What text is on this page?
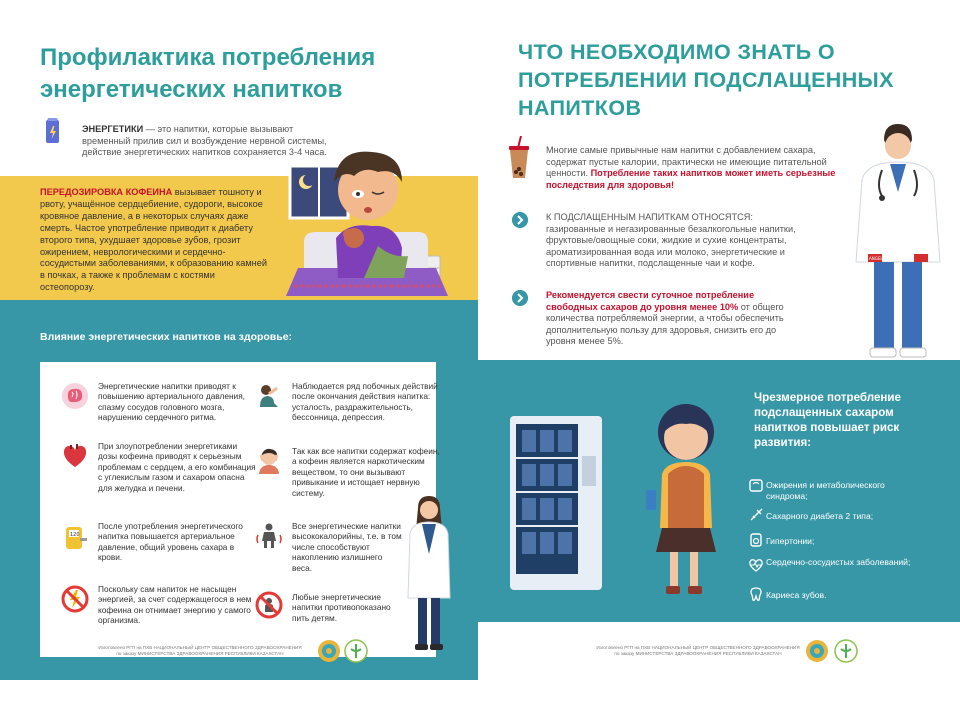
Профилактика потребления энергетических напитков
ЭНЕРГЕТИКИ — это напитки, которые вызывают временный прилив сил и возбуждение нервной системы, действие энергетических напитков сохраняется 3-4 часа.
ПЕРЕДОЗИРОВКА КОФЕИНА вызывает тошноту и рвоту, учащённое сердцебиение, судороги, высокое кровяное давление, а в некоторых случаях даже смерть. Частое употребление приводит к диабету второго типа, ухудшает здоровье зубов, грозит ожирением, неврологическими и сердечно-сосудистыми заболеваниями, к образованию камней в почках, а также к проблемам с костями остеопорозу.
Влияние энергетических напитков на здоровье:
120
Энергетические напитки приводят к повышению артериального давления, спазму сосудов головного мозга, нарушению сердечного ритма.
При злоупотреблении энергетиками дозы кофеина приводят к серьезным проблемам с сердцем, а его комбинация с углекислым газом и сахаром опасна для желудка и печени.
После употребления энергетического напитка повышается артериальное давление, общий уровень сахара в крови.
Поскольку сам напиток не насыщен энергией, за счет содержащегося в нем кофеина он отнимает энергию у самого организма.
Наблюдается ряд побочных действий после окончания действия напитка: усталость, раздражительность, бессонница, депрессия.
Так как все напитки содержат кофеин, а кофеин является наркотическим веществом, то они вызывают привыкание и истощает нервную систему.
Все энергетические напитки высококалорийны, т.е. в том числе способствуют накоплению излишнего веса.
Любые энергетические напитки противопоказано пить детям.
Изготовлено РГП на ПХВ НАЦИОНАЛЬНЫЙ ЦЕНТР ОБЩЕСТВЕННОГО ЗДРАВООХРАНЕНИЯ
по заказу МИНИСТЕРСТВА ЗДРАВООХРАНЕНИЯ РЕСПУБЛИКИ КАЗАХСТАН
ЧТО НЕОБХОДИМО ЗНАТЬ О ПОТРЕБЛЕНИИ ПОДСЛАЩЕННЫХ НАПИТКОВ
Многие самые привычные нам напитки с добавлением сахара, содержат пустые калории, практически не имеющие питательной ценности. Потребление таких напитков может иметь серьезные последствия для здоровья!
К ПОДСЛАЩЕННЫМ НАПИТКАМ ОТНОСЯТСЯ:
газированные и негазированные безалкогольные напитки, фруктовые/овощные соки, жидкие и сухие концентраты, ароматизированная вода или молоко, энергетические и спортивные напитки, подслащенные чаи и кофе.
Рекомендуется свести суточное потребление свободных сахаров до уровня менее 10% от общего количества потребляемой энергии, а чтобы обеспечить дополнительную пользу для здоровья, снизить его до уровня менее 5%.
ANGEL
Чрезмерное потребление подслащенных сахаром напитков повышает риск развития:
Ожирения и метаболического синдрома;
Сахарного диабета 2 типа;
Гипертонии;
Сердечно-сосудистых заболеваний;
Кариеса зубов.
Изготовлено РГП на ПХВ НАЦИОНАЛЬНЫЙ ЦЕНТР ОБЩЕСТВЕННОГО ЗДРАВООХРАНЕНИЯ
по заказу МИНИСТЕРСТВА ЗДРАВООХРАНЕНИЯ РЕСПУБЛИКИ КАЗАХСТАН
